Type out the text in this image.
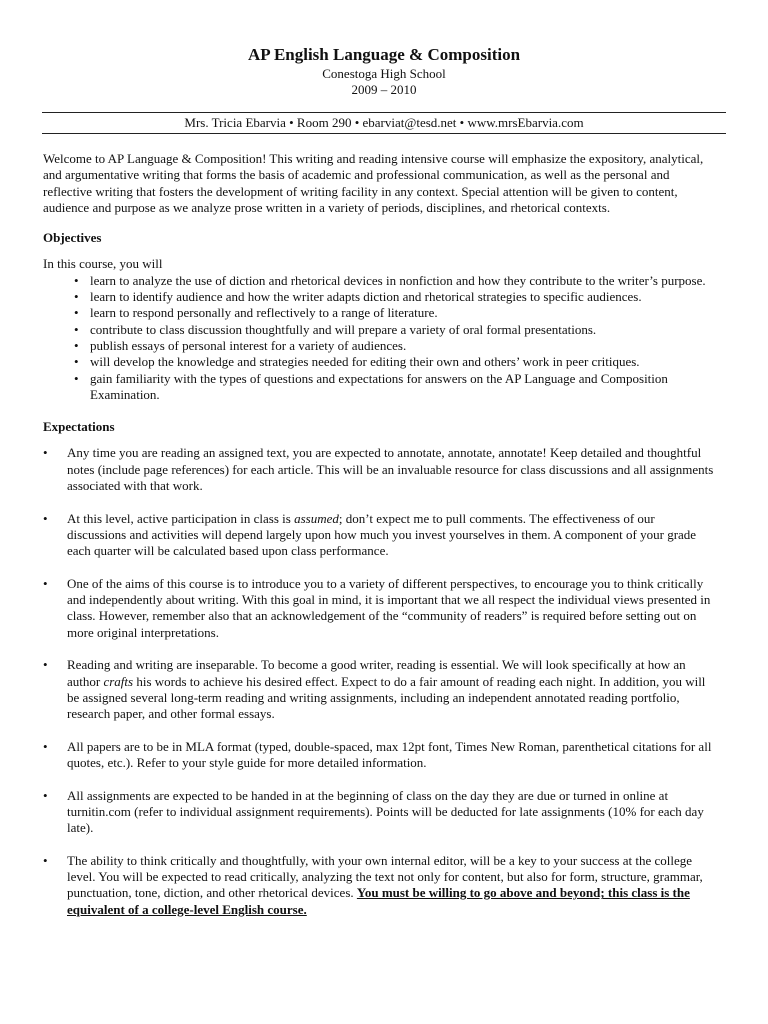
AP English Language & Composition
Conestoga High School
2009 – 2010
Mrs. Tricia Ebarvia • Room 290 • ebarviat@tesd.net • www.mrsEbarvia.com

Welcome to AP Language & Composition! This writing and reading intensive course will emphasize the expository, analytical, and argumentative writing that forms the basis of academic and professional communication, as well as the personal and reflective writing that fosters the development of writing facility in any context. Special attention will be given to content, audience and purpose as we analyze prose written in a variety of periods, disciplines, and rhetorical contexts.

Objectives

In this course, you will

• learn to analyze the use of diction and rhetorical devices in nonfiction and how they contribute to the writer’s purpose.
• learn to identify audience and how the writer adapts diction and rhetorical strategies to specific audiences.
• learn to respond personally and reflectively to a range of literature.
• contribute to class discussion thoughtfully and will prepare a variety of oral formal presentations.
• publish essays of personal interest for a variety of audiences.
• will develop the knowledge and strategies needed for editing their own and others’ work in peer critiques.
• gain familiarity with the types of questions and expectations for answers on the AP Language and Composition Examination.

Expectations

• Any time you are reading an assigned text, you are expected to annotate, annotate, annotate! Keep detailed and thoughtful notes (include page references) for each article. This will be an invaluable resource for class discussions and all assignments associated with that work.
• At this level, active participation in class is assumed; don’t expect me to pull comments. The effectiveness of our discussions and activities will depend largely upon how much you invest yourselves in them. A component of your grade each quarter will be calculated based upon class performance.
• One of the aims of this course is to introduce you to a variety of different perspectives, to encourage you to think critically and independently about writing. With this goal in mind, it is important that we all respect the individual views presented in class. However, remember also that an acknowledgement of the “community of readers” is required before setting out on more original interpretations.
• Reading and writing are inseparable. To become a good writer, reading is essential. We will look specifically at how an author crafts his words to achieve his desired effect. Expect to do a fair amount of reading each night. In addition, you will be assigned several long-term reading and writing assignments, including an independent annotated reading portfolio, research paper, and other formal essays.
• All papers are to be in MLA format (typed, double-spaced, max 12pt font, Times New Roman, parenthetical citations for all quotes, etc.). Refer to your style guide for more detailed information.
• All assignments are expected to be handed in at the beginning of class on the day they are due or turned in online at turnitin.com (refer to individual assignment requirements). Points will be deducted for late assignments (10% for each day late).
• The ability to think critically and thoughtfully, with your own internal editor, will be a key to your success at the college level. You will be expected to read critically, analyzing the text not only for content, but also for form, structure, grammar, punctuation, tone, diction, and other rhetorical devices. You must be willing to go above and beyond; this class is the equivalent of a college-level English course.
